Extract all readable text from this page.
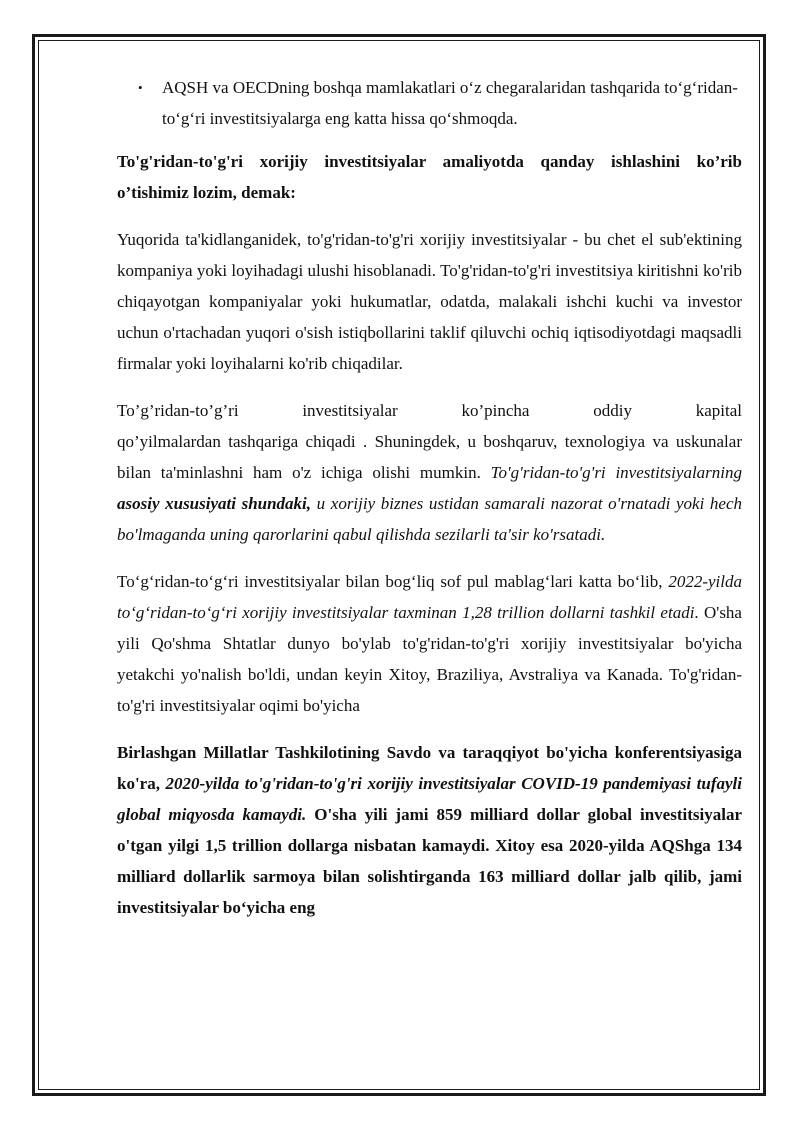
• AQSH va OECDning boshqa mamlakatlari o‘z chegaralaridan tashqarida to‘g‘ridan-to‘g‘ri investitsiyalarga eng katta hissa qo‘shmoqda.

To'g'ridan-to'g'ri xorijiy investitsiyalar amaliyotda qanday ishlashini ko’rib o’tishimiz lozim, demak:

Yuqorida ta'kidlanganidek, to'g'ridan-to'g'ri xorijiy investitsiyalar - bu chet el sub'ektining kompaniya yoki loyihadagi ulushi hisoblanadi. To'g'ridan-to'g'ri investitsiya kiritishni ko'rib chiqayotgan kompaniyalar yoki hukumatlar, odatda, malakali ishchi kuchi va investor uchun o'rtachadan yuqori o'sish istiqbollarini taklif qiluvchi ochiq iqtisodiyotdagi maqsadli firmalar yoki loyihalarni ko'rib chiqadilar.

To’g’ridan-to’g’ri investitsiyalar ko’pincha oddiy kapital
qo’yilmalardan tashqariga chiqadi . Shuningdek, u boshqaruv, texnologiya va uskunalar bilan ta'minlashni ham o'z ichiga olishi mumkin. To'g'ridan-to'g'ri investitsiyalarning asosiy xususiyati shundaki, u xorijiy biznes ustidan samarali nazorat o'rnatadi yoki hech bo'lmaganda uning qarorlarini qabul qilishda sezilarli ta'sir ko'rsatadi.

To‘g‘ridan-to‘g‘ri investitsiyalar bilan bog‘liq sof pul mablag‘lari katta bo‘lib, 2022-yilda to‘g‘ridan-to‘g‘ri xorijiy investitsiyalar taxminan 1,28 trillion dollarni tashkil etadi. O'sha yili Qo'shma Shtatlar dunyo bo'ylab to'g'ridan-to'g'ri xorijiy investitsiyalar bo'yicha yetakchi yo'nalish bo'ldi, undan keyin Xitoy, Braziliya, Avstraliya va Kanada. To'g'ridan-to'g'ri investitsiyalar oqimi bo'yicha

Birlashgan Millatlar Tashkilotining Savdo va taraqqiyot bo'yicha konferentsiyasiga ko'ra, 2020-yilda to'g'ridan-to'g'ri xorijiy investitsiyalar COVID-19 pandemiyasi tufayli global miqyosda kamaydi. O'sha yili jami 859 milliard dollar global investitsiyalar o'tgan yilgi 1,5 trillion dollarga nisbatan kamaydi. Xitoy esa 2020-yilda AQShga 134 milliard dollarlik sarmoya bilan solishtirganda 163 milliard dollar jalb qilib, jami investitsiyalar bo‘yicha eng
